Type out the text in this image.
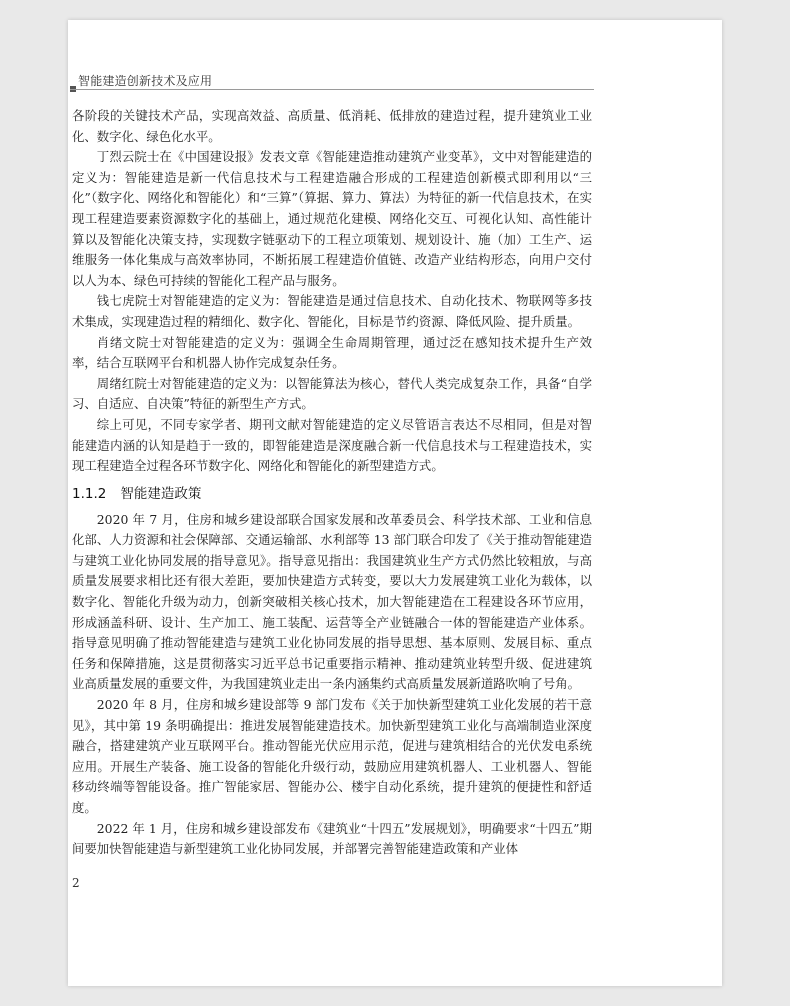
智能建造创新技术及应用

各阶段的关键技术产品，实现高效益、高质量、低消耗、低排放的建造过程，提升建筑业工业化、数字化、绿色化水平。

丁烈云院士在《中国建设报》发表文章《智能建造推动建筑产业变革》，文中对智能建造的定义为：智能建造是新一代信息技术与工程建造融合形成的工程建造创新模式即利用以“三化”（数字化、网络化和智能化）和“三算”（算据、算力、算法）为特征的新一代信息技术，在实现工程建造要素资源数字化的基础上，通过规范化建模、网络化交互、可视化认知、高性能计算以及智能化决策支持，实现数字链驱动下的工程立项策划、规划设计、施（加）工生产、运维服务一体化集成与高效率协同，不断拓展工程建造价值链、改造产业结构形态，向用户交付以人为本、绿色可持续的智能化工程产品与服务。

钱七虎院士对智能建造的定义为：智能建造是通过信息技术、自动化技术、物联网等多技术集成，实现建造过程的精细化、数字化、智能化，目标是节约资源、降低风险、提升质量。

肖绪文院士对智能建造的定义为：强调全生命周期管理，通过泛在感知技术提升生产效率，结合互联网平台和机器人协作完成复杂任务。

周绪红院士对智能建造的定义为：以智能算法为核心，替代人类完成复杂工作，具备“自学习、自适应、自决策”特征的新型生产方式。

综上可见，不同专家学者、期刊文献对智能建造的定义尽管语言表达不尽相同，但是对智能建造内涵的认知是趋于一致的，即智能建造是深度融合新一代信息技术与工程建造技术，实现工程建造全过程各环节数字化、网络化和智能化的新型建造方式。

1.1.2 智能建造政策

2020 年 7 月，住房和城乡建设部联合国家发展和改革委员会、科学技术部、工业和信息化部、人力资源和社会保障部、交通运输部、水利部等 13 部门联合印发了《关于推动智能建造与建筑工业化协同发展的指导意见》。指导意见指出：我国建筑业生产方式仍然比较粗放，与高质量发展要求相比还有很大差距，要加快建造方式转变，要以大力发展建筑工业化为载体，以数字化、智能化升级为动力，创新突破相关核心技术，加大智能建造在工程建设各环节应用，形成涵盖科研、设计、生产加工、施工装配、运营等全产业链融合一体的智能建造产业体系。指导意见明确了推动智能建造与建筑工业化协同发展的指导思想、基本原则、发展目标、重点任务和保障措施，这是贯彻落实习近平总书记重要指示精神、推动建筑业转型升级、促进建筑业高质量发展的重要文件，为我国建筑业走出一条内涵集约式高质量发展新道路吹响了号角。

2020 年 8 月，住房和城乡建设部等 9 部门发布《关于加快新型建筑工业化发展的若干意见》，其中第 19 条明确提出：推进发展智能建造技术。加快新型建筑工业化与高端制造业深度融合，搭建建筑产业互联网平台。推动智能光伏应用示范，促进与建筑相结合的光伏发电系统应用。开展生产装备、施工设备的智能化升级行动，鼓励应用建筑机器人、工业机器人、智能移动终端等智能设备。推广智能家居、智能办公、楼宇自动化系统，提升建筑的便捷性和舒适度。

2022 年 1 月，住房和城乡建设部发布《建筑业“十四五”发展规划》，明确要求“十四五”期间要加快智能建造与新型建筑工业化协同发展，并部署完善智能建造政策和产业体

2
